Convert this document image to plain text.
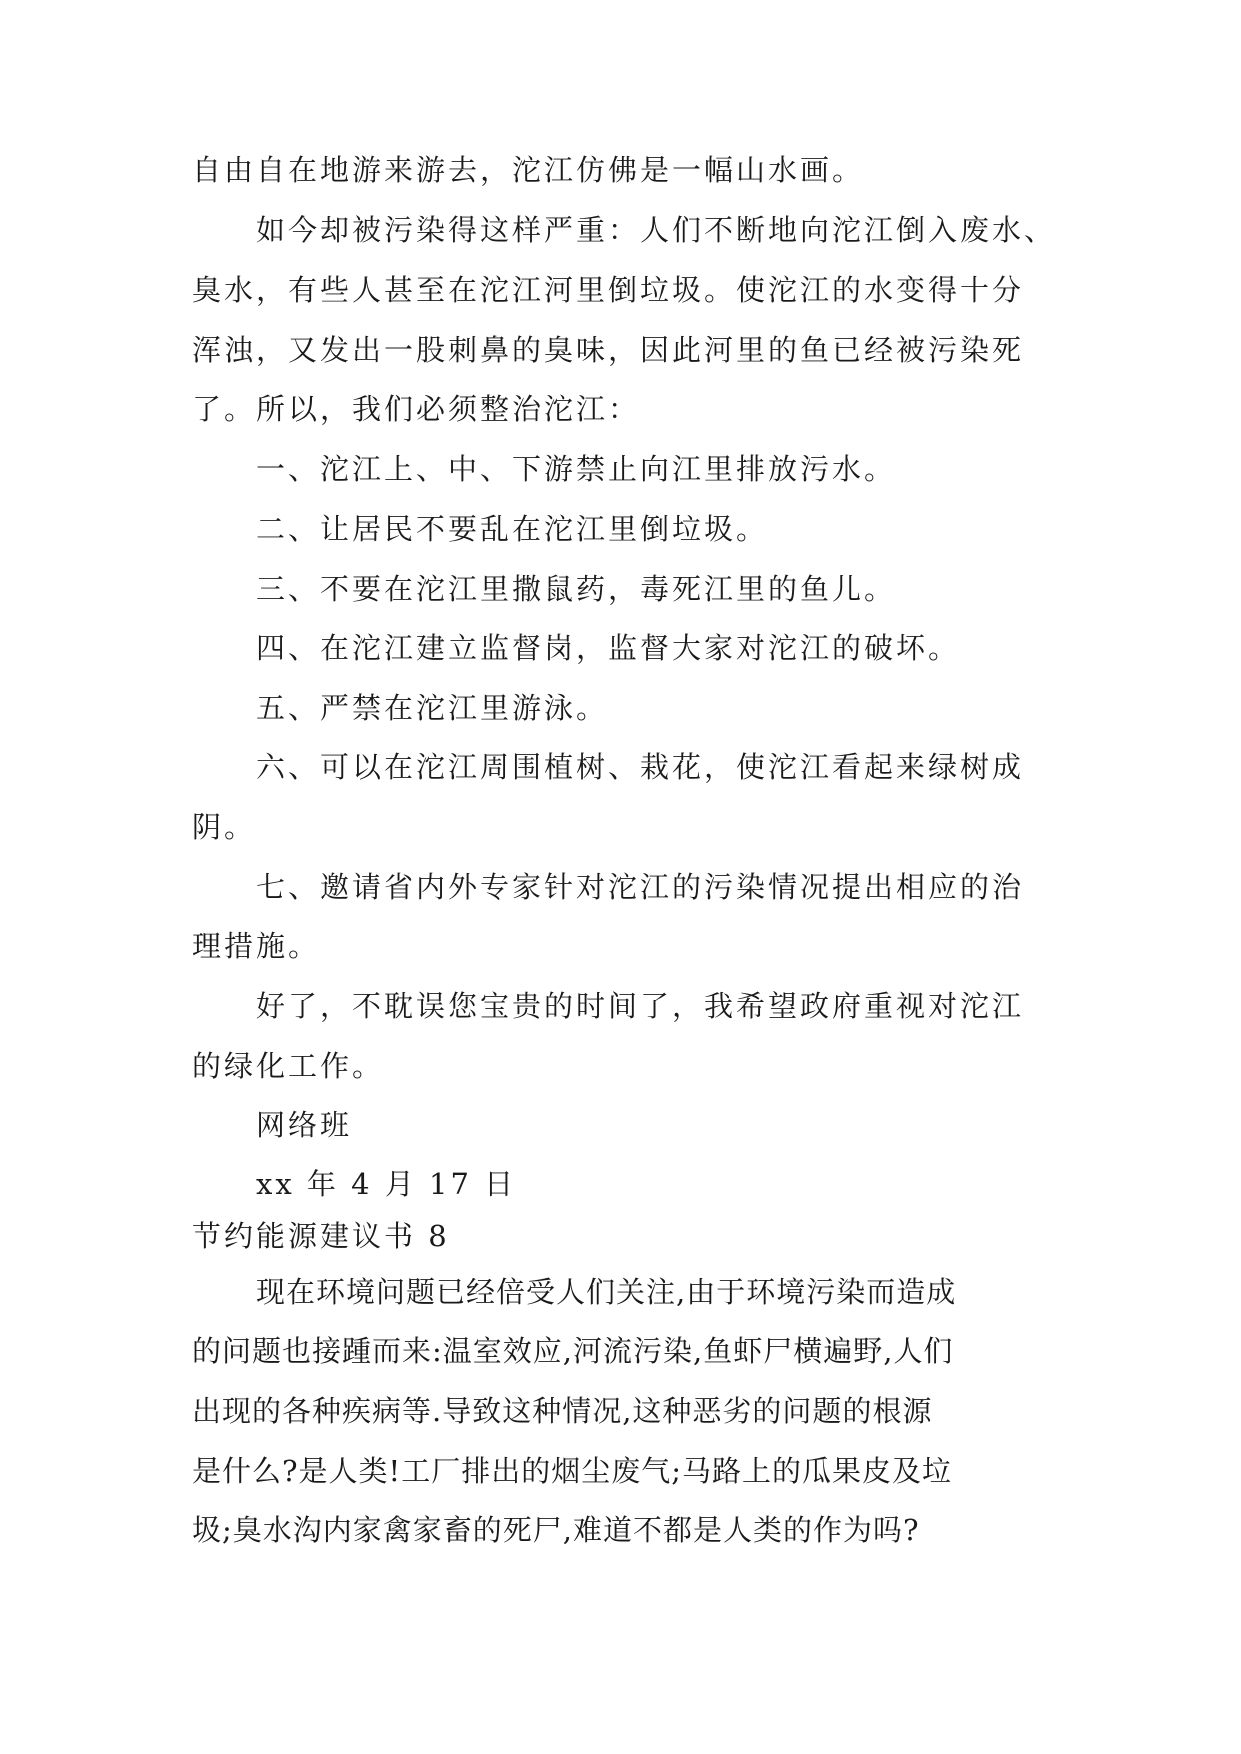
自由自在地游来游去，沱江仿佛是一幅山水画。

如今却被污染得这样严重：人们不断地向沱江倒入废水、

臭水，有些人甚至在沱江河里倒垃圾。使沱江的水变得十分

浑浊，又发出一股刺鼻的臭味，因此河里的鱼已经被污染死

了。所以，我们必须整治沱江：

一、沱江上、中、下游禁止向江里排放污水。

二、让居民不要乱在沱江里倒垃圾。

三、不要在沱江里撒鼠药，毒死江里的鱼儿。

四、在沱江建立监督岗，监督大家对沱江的破坏。

五、严禁在沱江里游泳。

六、可以在沱江周围植树、栽花，使沱江看起来绿树成

阴。

七、邀请省内外专家针对沱江的污染情况提出相应的治

理措施。

好了，不耽误您宝贵的时间了，我希望政府重视对沱江

的绿化工作。

网络班

xx 年 4 月 17 日

节约能源建议书 8

现在环境问题已经倍受人们关注,由于环境污染而造成

的问题也接踵而来:温室效应,河流污染,鱼虾尸横遍野,人们

出现的各种疾病等.导致这种情况,这种恶劣的问题的根源

是什么?是人类!工厂排出的烟尘废气;马路上的瓜果皮及垃

圾;臭水沟内家禽家畜的死尸,难道不都是人类的作为吗?
